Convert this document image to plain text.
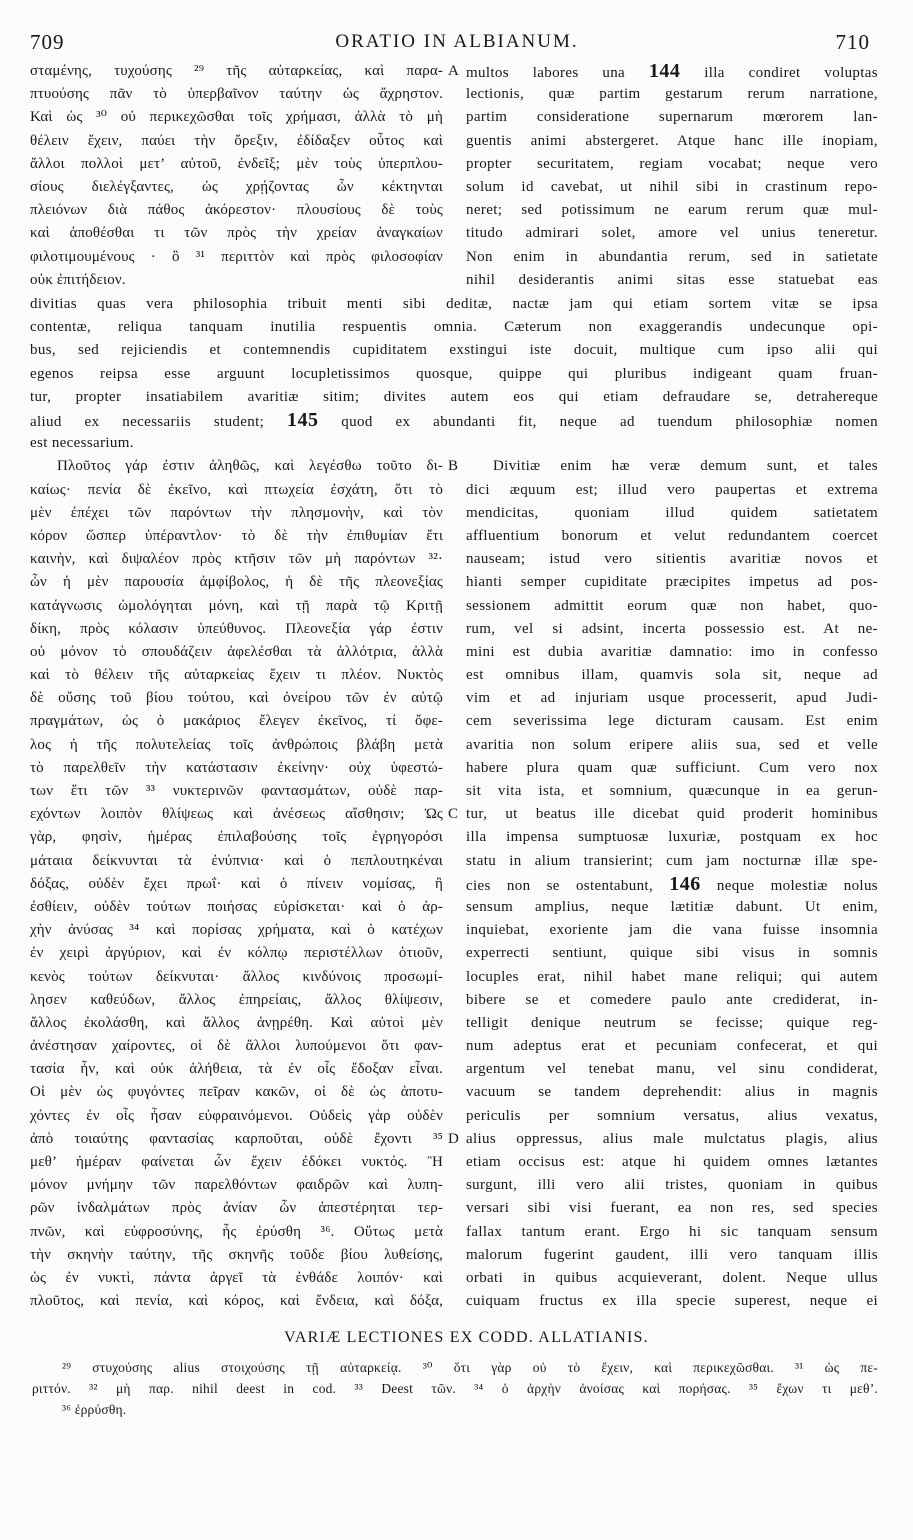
709	ORATIO IN ALBIANUM.	710
σταμένης, τυχούσης ²⁹ τῆς αὐταρκείας, καὶ παρα- A
πτυούσης πᾶν τὸ ὑπερβαῖνον ταύτην ὡς ἄχρηστον.
Καὶ ὡς ³⁰ οὐ περικεχῶσθαι τοῖς χρήμασι, ἀλλὰ τὸ μὴ
θέλειν ἔχειν, παύει τὴν ὄρεξιν, ἐδίδαξεν οὗτος καὶ
ἄλλοι πολλοὶ μετ’ αὐτοῦ, ἐνδεῖξ; μὲν τοὺς ὑπερπλου-
σίους διελέγξαντες, ὡς χρῄζοντας ὧν κέκτηνται
πλειόνων διὰ πάθος ἀκόρεστον· πλουσίους δὲ τοὺς
καὶ ἀποθέσθαι τι τῶν πρὸς τὴν χρείαν ἀναγκαίων
φιλοτιμουμένους · ὃ ³¹ περιττὸν καὶ πρὸς φιλοσοφίαν
οὐκ ἐπιτήδειον.
multos labores una 144 illa condiret voluptas
lectionis, quæ partim gestarum rerum narratione,
partim consideratione supernarum mœrorem lan-
guentis animi abstergeret. Atque hanc ille inopiam,
propter securitatem, regiam vocabat; neque vero
solum id cavebat, ut nihil sibi in crastinum repo-
neret; sed potissimum ne earum rerum quæ mul-
titudo admirari solet, amore vel unius teneretur.
Non enim in abundantia rerum, sed in satietate
nihil desiderantis animi sitas esse statuebat eas
divitias quas vera philosophia tribuit menti sibi deditæ, nactæ jam qui etiam sortem vitæ se ipsa
contentæ, reliqua tanquam inutilia respuentis omnia. Cæterum non exaggerandis undecunque opi-
bus, sed rejiciendis et contemnendis cupiditatem exstingui iste docuit, multique cum ipso alii qui
egenos reipsa esse arguunt locupletissimos quosque, quippe qui pluribus indigeant quam fruan-
tur, propter insatiabilem avaritiæ sitim; divites autem eos qui etiam defraudare se, detrahereque
aliud ex necessariis student; 145 quod ex abundanti fit, neque ad tuendum philosophiæ nomen
est necessarium.
Πλοῦτος γάρ ἐστιν ἀληθῶς, καὶ λεγέσθω τοῦτο δι- B
καίως· πενία δὲ ἐκεῖνο, καὶ πτωχεία ἐσχάτη, ὅτι τὸ
μὲν ἐπέχει τῶν παρόντων τὴν πλησμονὴν, καὶ τὸν
κόρον ὥσπερ ὑπέραντλον· τὸ δὲ τὴν ἐπιθυμίαν ἔτι
καινὴν, καὶ διψαλέον πρὸς κτῆσιν τῶν μὴ παρόντων ³²·
ὧν ἡ μὲν παρουσία ἀμφίβολος, ἡ δὲ τῆς πλεονεξίας
κατάγνωσις ὡμολόγηται μόνη, καὶ τῇ παρὰ τῷ Κριτῇ
δίκη, πρὸς κόλασιν ὑπεύθυνος. Πλεονεξία γάρ ἐστιν
οὐ μόνον τὸ σπουδάζειν ἀφελέσθαι τὰ ἀλλότρια, ἀλλὰ
καὶ τὸ θέλειν τῆς αὐταρκείας ἔχειν τι πλέον. Νυκτὸς
δὲ οὔσης τοῦ βίου τούτου, καὶ ὀνείρου τῶν ἐν αὐτῷ
πραγμάτων, ὡς ὁ μακάριος ἔλεγεν ἐκεῖνος, τί ὄφε-
λος ἡ τῆς πολυτελείας τοῖς ἀνθρώποις βλάβη μετὰ
τὸ παρελθεῖν τὴν κατάστασιν ἐκείνην· οὐχ ὑφεστώ-
των ἔτι τῶν ³³ νυκτερινῶν φαντασμάτων, οὐδὲ παρ-
εχόντων λοιπὸν θλίψεως καὶ ἀνέσεως αἴσθησιν; Ὡς C
γὰρ, φησὶν, ἡμέρας ἐπιλαβούσης τοῖς ἐγρηγορόσι
μάταια δείκνυνται τὰ ἐνύπνια· καὶ ὁ πεπλουτηκέναι
δόξας, οὐδὲν ἔχει πρωΐ· καὶ ὁ πίνειν νομίσας, ἢ
ἐσθίειν, οὐδὲν τούτων ποιήσας εὑρίσκεται· καὶ ὁ ἀρ-
χὴν ἀνύσας ³⁴ καὶ πορίσας χρήματα, καὶ ὁ κατέχων
ἐν χειρὶ ἀργύριον, καὶ ἐν κόλπῳ περιστέλλων ὁτιοῦν,
κενὸς τούτων δείκνυται· ἄλλος κινδύνοις προσωμί-
λησεν καθεύδων, ἄλλος ἐπηρείαις, ἄλλος θλίψεσιν,
ἄλλος ἐκολάσθη, καὶ ἄλλος ἀνῃρέθη. Καὶ αὐτοὶ μὲν
ἀνέστησαν χαίροντες, οἱ δὲ ἄλλοι λυπούμενοι ὅτι φαν-
τασία ἦν, καὶ οὐκ ἀλήθεια, τὰ ἐν οἷς ἔδοξαν εἶναι.
Οἱ μὲν ὡς φυγόντες πεῖραν κακῶν, οἱ δὲ ὡς ἀποτυ-
χόντες ἐν οἷς ἦσαν εὐφραινόμενοι. Οὐδεὶς γὰρ οὐδὲν
ἀπὸ τοιαύτης φαντασίας καρποῦται, οὐδὲ ἔχοντι ³⁵ D
μεθ’ ἡμέραν φαίνεται ὧν ἔχειν ἐδόκει νυκτός. Ἢ
μόνον μνήμην τῶν παρελθόντων φαιδρῶν καὶ λυπη-
ρῶν ἰνδαλμάτων πρὸς ἀνίαν ὧν ἀπεστέρηται τερ-
πνῶν, καὶ εὐφροσύνης, ἧς ἐρύσθη ³⁶. Οὕτως μετὰ
τὴν σκηνὴν ταύτην, τῆς σκηνῆς τοῦδε βίου λυθείσης,
ὡς ἐν νυκτὶ, πάντα ἀργεῖ τὰ ἐνθάδε λοιπόν· καὶ
πλοῦτος, καὶ πενία, καὶ κόρος, καὶ ἔνδεια, καὶ δόξα,
Divitiæ enim hæ veræ demum sunt, et tales
dici æquum est; illud vero paupertas et extrema
mendicitas, quoniam illud quidem satietatem
affluentium bonorum et velut redundantem coercet
nauseam; istud vero sitientis avaritiæ novos et
hianti semper cupiditate præcipites impetus ad pos-
sessionem admittit eorum quæ non habet, quo-
rum, vel si adsint, incerta possessio est. At ne-
mini est dubia avaritiæ damnatio: imo in confesso
est omnibus illam, quamvis sola sit, neque ad
vim et ad injuriam usque processerit, apud Judi-
cem severissima lege dicturam causam. Est enim
avaritia non solum eripere aliis sua, sed et velle
habere plura quam quæ sufficiunt. Cum vero nox
sit vita ista, et somnium, quæcunque in ea gerun-
tur, ut beatus ille dicebat quid proderit hominibus
illa impensa sumptuosæ luxuriæ, postquam ex hoc
statu in alium transierint; cum jam nocturnæ illæ spe-
cies non se ostentabunt, 146 neque molestiæ nolus
sensum amplius, neque lætitiæ dabunt. Ut enim,
inquiebat, exoriente jam die vana fuisse insomnia
experrecti sentiunt, quique sibi visus in somnis
locuples erat, nihil habet mane reliqui; qui autem
bibere se et comedere paulo ante crediderat, in-
telligit denique neutrum se fecisse; quique reg-
num adeptus erat et pecuniam confecerat, et qui
argentum vel tenebat manu, vel sinu condiderat,
vacuum se tandem deprehendit: alius in magnis
periculis per somnium versatus, alius vexatus,
alius oppressus, alius male mulctatus plagis, alius
etiam occisus est: atque hi quidem omnes lætantes
surgunt, illi vero alii tristes, quoniam in quibus
versari sibi visi fuerant, ea non res, sed species
fallax tantum erant. Ergo hi sic tanquam sensum
malorum fugerint gaudent, illi vero tanquam illis
orbati in quibus acquieverant, dolent. Neque ullus
cuiquam fructus ex illa specie superest, neque ei
VARIÆ LECTIONES EX CODD. ALLATIANIS.
²⁹ στυχούσης alius στοιχούσης τῇ αὐταρκείᾳ. ³⁰ ὅτι γὰρ οὐ τὸ ἔχειν, καὶ περικεχῶσθαι. ³¹ ὡς πε-
ριττόν. ³² μὴ παρ. nihil deest in cod. ³³ Deest τῶν. ³⁴ ὁ ἀρχὴν ἀνοίσας καὶ πορήσας. ³⁵ ἔχων τι μεθ’.
³⁶ ἐρρύσθη.
